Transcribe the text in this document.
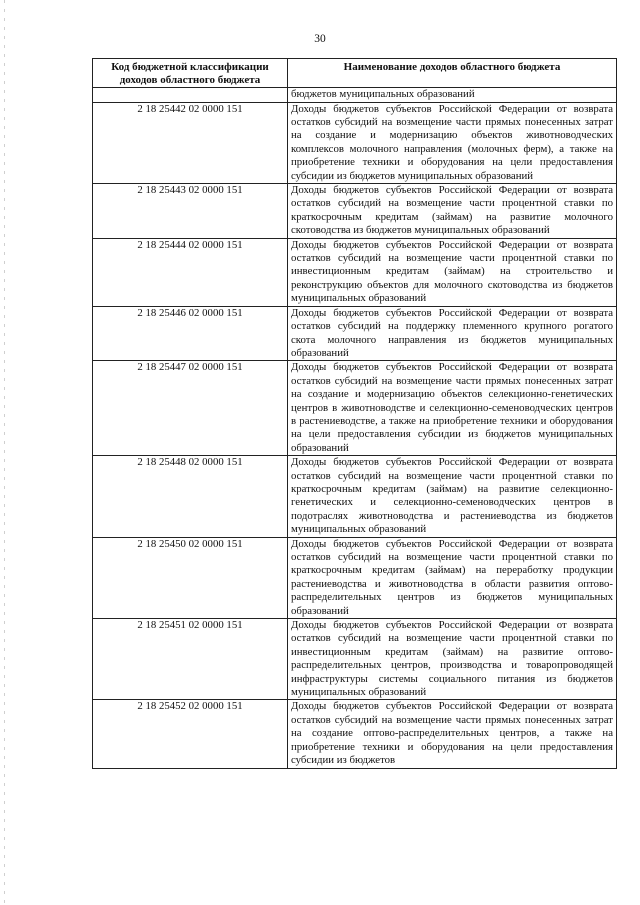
30
Код бюджетной классификации доходов областного бюджета	Наименование доходов областного бюджета
	бюджетов муниципальных образований
2 18 25442 02 0000 151	Доходы бюджетов субъектов Российской Федерации от возврата остатков субсидий на возмещение части прямых понесенных затрат на создание и модернизацию объектов животноводческих комплексов молочного направления (молочных ферм), а также на приобретение техники и оборудования на цели предоставления субсидии из бюджетов муниципальных образований
2 18 25443 02 0000 151	Доходы бюджетов субъектов Российской Федерации от возврата остатков субсидий на возмещение части процентной ставки по краткосрочным кредитам (займам) на развитие молочного скотоводства из бюджетов муниципальных образований
2 18 25444 02 0000 151	Доходы бюджетов субъектов Российской Федерации от возврата остатков субсидий на возмещение части процентной ставки по инвестиционным кредитам (займам) на строительство и реконструкцию объектов для молочного скотоводства из бюджетов муниципальных образований
2 18 25446 02 0000 151	Доходы бюджетов субъектов Российской Федерации от возврата остатков субсидий на поддержку племенного крупного рогатого скота молочного направления из бюджетов муниципальных образований
2 18 25447 02 0000 151	Доходы бюджетов субъектов Российской Федерации от возврата остатков субсидий на возмещение части прямых понесенных затрат на создание и модернизацию объектов селекционно-генетических центров в животноводстве и селекционно-семеноводческих центров в растениеводстве, а также на приобретение техники и оборудования на цели предоставления субсидии из бюджетов муниципальных образований
2 18 25448 02 0000 151	Доходы бюджетов субъектов Российской Федерации от возврата остатков субсидий на возмещение части процентной ставки по краткосрочным кредитам (займам) на развитие селекционно-генетических и селекционно-семеноводческих центров в подотраслях животноводства и растениеводства из бюджетов муниципальных образований
2 18 25450 02 0000 151	Доходы бюджетов субъектов Российской Федерации от возврата остатков субсидий на возмещение части процентной ставки по краткосрочным кредитам (займам) на переработку продукции растениеводства и животноводства в области развития оптово-распределительных центров из бюджетов муниципальных образований
2 18 25451 02 0000 151	Доходы бюджетов субъектов Российской Федерации от возврата остатков субсидий на возмещение части процентной ставки по инвестиционным кредитам (займам) на развитие оптово-распределительных центров, производства и товаропроводящей инфраструктуры системы социального питания из бюджетов муниципальных образований
2 18 25452 02 0000 151	Доходы бюджетов субъектов Российской Федерации от возврата остатков субсидий на возмещение части прямых понесенных затрат на создание оптово-распределительных центров, а также на приобретение техники и оборудования на цели предоставления субсидии из бюджетов
